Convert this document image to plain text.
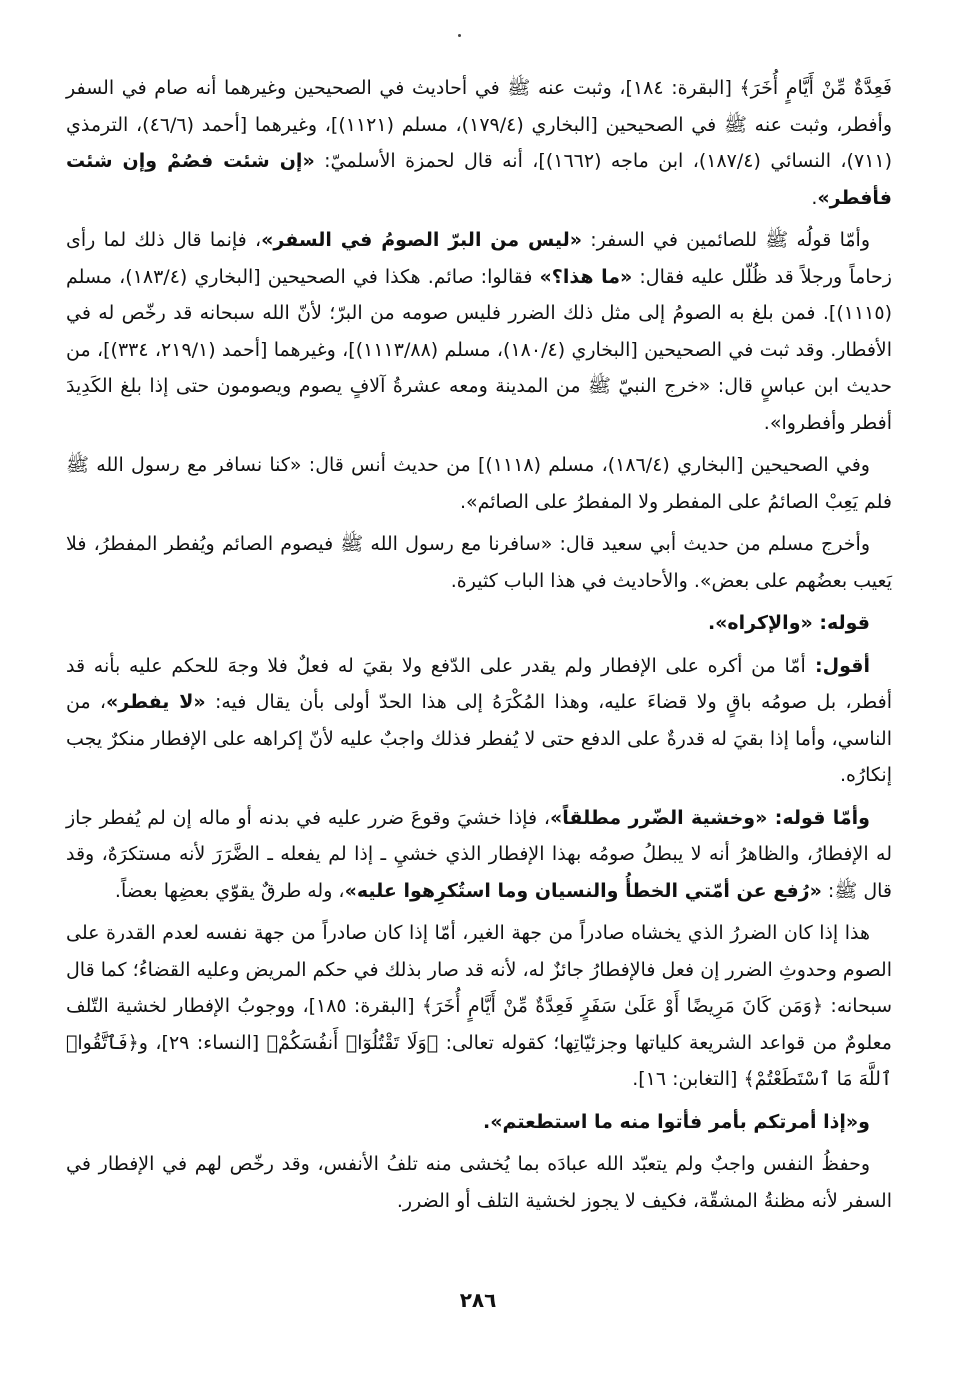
فَعِدَّةٌ مِّنْ أَيَّامٍ أُخَرَ﴾ [البقرة: ١٨٤]، وثبت عنه ﷺ في أحاديث في الصحيحين وغيرهما أنه صام في السفر وأفطر، وثبت عنه ﷺ في الصحيحين [البخاري (١٧٩/٤)، مسلم (١١٢١)]، وغيرهما [أحمد (٤٦/٦)، الترمذي (٧١١)، النسائي (١٨٧/٤)، ابن ماجه (١٦٦٢)]، أنه قال لحمزة الأسلميّ: «إن شئت فصُمْ وإن شئت فأفطر».

وأمّا قولُه ﷺ للصائمين في السفر: «ليس من البرّ الصومُ في السفر»، فإنما قال ذلك لما رأى زحاماً ورجلاً قد ظُلّل عليه فقال: «ما هذا؟» فقالوا: صائم. هكذا في الصحيحين [البخاري (١٨٣/٤)، مسلم (١١١٥)]. فمن بلغ به الصومُ إلى مثل ذلك الضرر فليس صومه من البرّ؛ لأنّ الله سبحانه قد رخّص له في الأفطار. وقد ثبت في الصحيحين [البخاري (١٨٠/٤)، مسلم (١١١٣/٨٨)]، وغيرهما [أحمد (٢١٩/١، ٣٣٤)]، من حديث ابن عباسٍ قال: «خرج النبيّ ﷺ من المدينة ومعه عشرةُ آلافٍ يصوم ويصومون حتى إذا بلغ الكَدِيدَ أفطر وأفطروا».

وفي الصحيحين [البخاري (١٨٦/٤)، مسلم (١١١٨)] من حديث أنس قال: «كنا نسافر مع رسول الله ﷺ فلم يَعِبْ الصائمُ على المفطر ولا المفطرُ على الصائم».

وأخرج مسلم من حديث أبي سعيد قال: «سافرنا مع رسول الله ﷺ فيصوم الصائم ويُفطر المفطرُ، فلا يَعيب بعضُهم على بعض». والأحاديث في هذا الباب كثيرة.

قوله: «والإكراه».

أقول: أمّا من أكره على الإفطار ولم يقدر على الدّفع ولا بقيَ له فعلٌ فلا وجهَ للحكم عليه بأنه قد أفطر، بل صومُه باقٍ ولا قضاءَ عليه، وهذا المُكْرَهُ إلى هذا الحدّ أولى بأن يقال فيه: «لا يفطر»، من الناسي، وأما إذا بقيَ له قدرةٌ على الدفع حتى لا يُفطر فذلك واجبٌ عليه لأنّ إكراهه على الإفطار منكرٌ يجب إنكارُه.

وأمّا قوله: «وخشية الضّرر مطلقاً»، فإذا خشيَ وقوعَ ضرر عليه في بدنه أو ماله إن لم يُفطر جاز له الإفطارُ، والظاهرُ أنه لا يبطلُ صومُه بهذا الإفطار الذي خشيِ ـ إذا لم يفعله ـ الضَّرَرَ لأنه مستكرَهٌ، وقد قال ﷺ: «رُفع عن أمّتي الخطأُ والنسيان وما استُكرِهوا عليه»، وله طرقٌ يقوّي بعضِها بعضاً.

هذا إذا كان الضررُ الذي يخشاه صادراً من جهة الغير، أمّا إذا كان صادراً من جهة نفسه لعدم القدرة على الصوم وحدوثِ الضرر إن فعل فالإفطارُ جائزٌ له، لأنه قد صار بذلك في حكم المريض وعليه القضاءُ؛ كما قال سبحانه: ﴿وَمَن كَانَ مَرِيضًا أَوْ عَلَىٰ سَفَرٍ فَعِدَّةٌ مِّنْ أَيَّامٍ أُخَرَ﴾ [البقرة: ١٨٥]، ووجوبُ الإفطار لخشية التّلف معلومٌ من قواعد الشريعة كلياتها وجزئيّاتِها؛ كقوله تعالى: ﴿وَلَا تَقْتُلُوٓا۟ أَنفُسَكُمْ﴾ [النساء: ٢٩]، و﴿فَٱتَّقُوا۟ ٱللَّهَ مَا ٱسْتَطَعْتُمْ﴾ [التغابن: ١٦].

و«إذا أمرتكم بأمر فأتوا منه ما استطعتم».

وحفظُ النفس واجبٌ ولم يتعبّد الله عبادَه بما يُخشى منه تلفُ الأنفس، وقد رخّص لهم في الإفطار في السفر لأنه مظنةُ المشقّة، فكيف لا يجوز لخشية التلف أو الضرر.

٢٨٦
